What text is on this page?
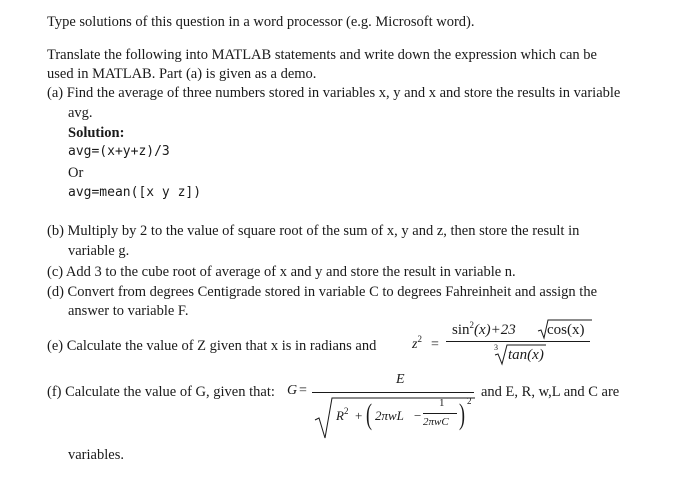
Type solutions of this question in a word processor (e.g. Microsoft word).
Translate the following into MATLAB statements and write down the expression which can be
used in MATLAB. Part (a) is given as a demo.
(a) Find the average of three numbers stored in variables x, y and x and store the results in variable
avg.
Solution:
avg=(x+y+z)/3
Or
avg=mean([x y z])
(b) Multiply by 2 to the value of square root of the sum of x, y and z, then store the result in
variable g.
(c) Add 3 to the cube root of average of x and y and store the result in variable n.
(d) Convert from degrees Centigrade stored in variable C to degrees Fahreinheit and assign the
answer to variable F.
(e) Calculate the value of Z given that x is in radians and	$z^2$ =
$\sin^2(x)+23$ cos(x)
3 tan(x)
(f) Calculate the value of G, given that: G =
E
$R^2$ + ( 2πwL −
1
2πwC ) 2
and E, R, w,L and C are
variables.
